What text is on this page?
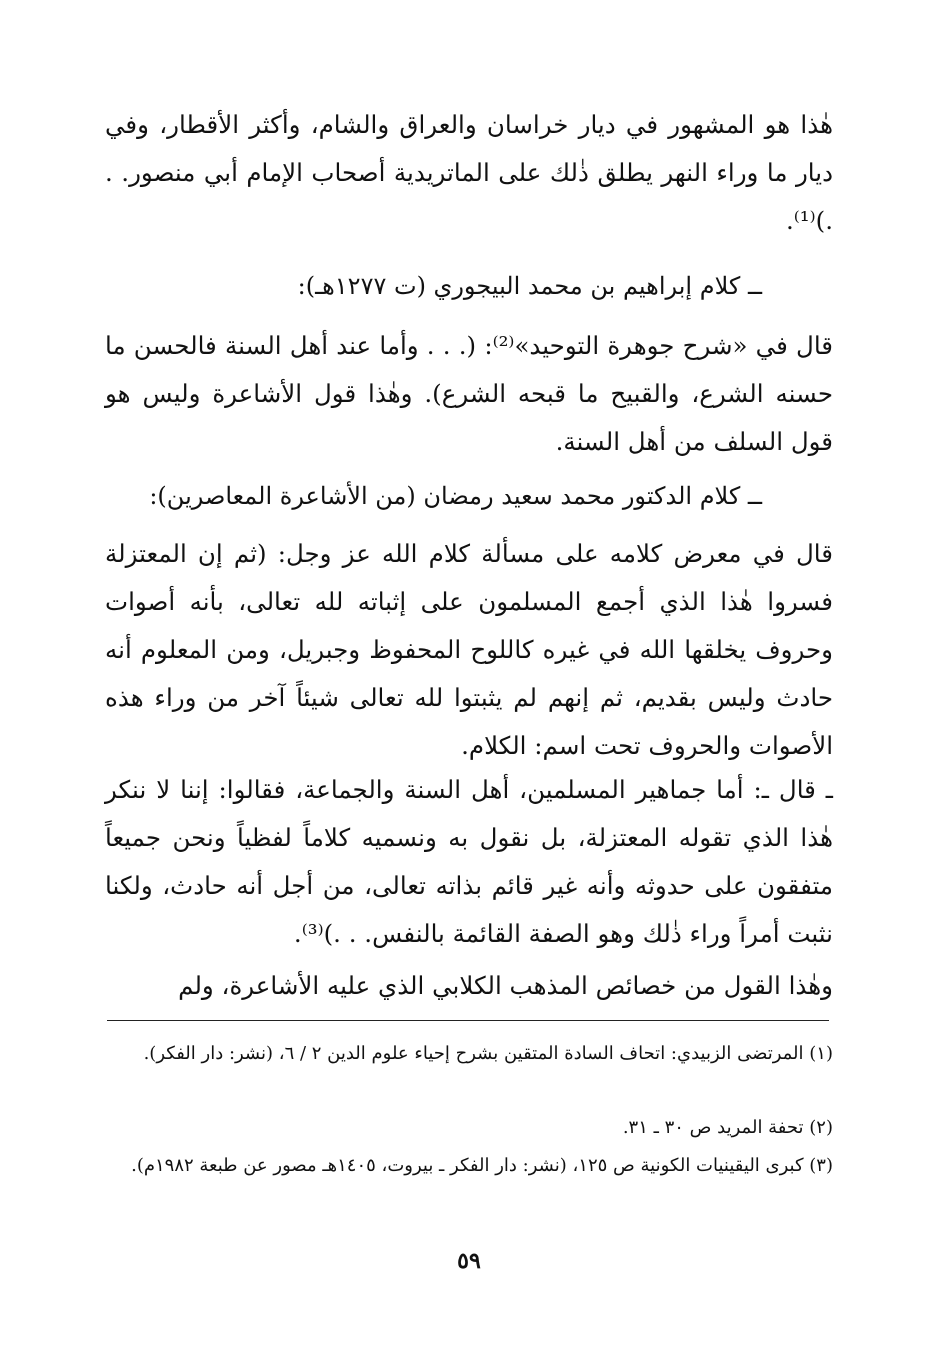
هٰذا هو المشهور في ديار خراسان والعراق والشام، وأكثر الأقطار، وفي ديار ما وراء النهر يطلق ذٰلك على الماتريدية أصحاب الإمام أبي منصور. . .)⁽¹⁾.

ــ كلام إبراهيم بن محمد البيجوري (ت ١٢٧٧هـ):

قال في «شرح جوهرة التوحيد»⁽²⁾: (. . . وأما عند أهل السنة فالحسن ما حسنه الشرع، والقبيح ما قبحه الشرع). وهٰذا قول الأشاعرة وليس هو قول السلف من أهل السنة.

ــ كلام الدكتور محمد سعيد رمضان (من الأشاعرة المعاصرين):

قال في معرض كلامه على مسألة كلام الله عز وجل: (ثم إن المعتزلة فسروا هٰذا الذي أجمع المسلمون على إثباته لله تعالى، بأنه أصوات وحروف يخلقها الله في غيره كاللوح المحفوظ وجبريل، ومن المعلوم أنه حادث وليس بقديم، ثم إنهم لم يثبتوا لله تعالى شيئاً آخر من وراء هذه الأصوات والحروف تحت اسم: الكلام.

ـ قال ـ: أما جماهير المسلمين، أهل السنة والجماعة، فقالوا: إننا لا ننكر هٰذا الذي تقوله المعتزلة، بل نقول به ونسميه كلاماً لفظياً ونحن جميعاً متفقون على حدوثه وأنه غير قائم بذاته تعالى، من أجل أنه حادث، ولكنا نثبت أمراً وراء ذٰلك وهو الصفة القائمة بالنفس. . .)⁽³⁾.

وهٰذا القول من خصائص المذهب الكلابي الذي عليه الأشاعرة، ولم

(١) المرتضى الزبيدي: اتحاف السادة المتقين بشرح إحياء علوم الدين ٢ / ٦، (نشر: دار الفكر).

(٢) تحفة المريد ص ٣٠ ـ ٣١.

(٣) كبرى اليقينيات الكونية ص ١٢٥، (نشر: دار الفكر ـ بيروت، ١٤٠٥هـ مصور عن طبعة ١٩٨٢م).

٥٩
